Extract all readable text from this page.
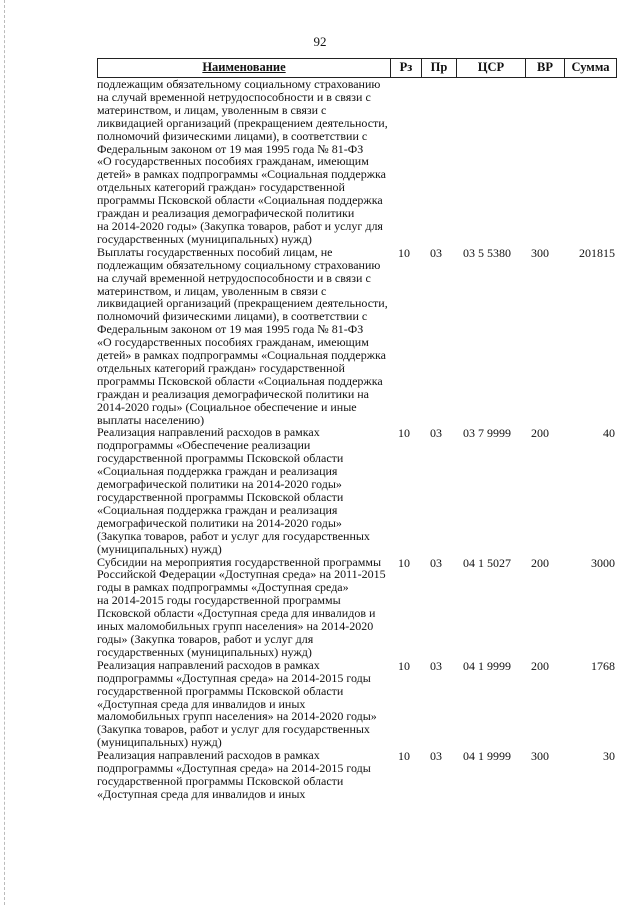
92
Наименование	Рз	Пр	ЦСР	ВР	Сумма
подлежащим обязательному социальному страхованию
на случай временной нетрудоспособности и в связи с
материнством, и лицам, уволенным в связи с
ликвидацией организаций (прекращением деятельности,
полномочий физическими лицами), в соответствии с
Федеральным законом от 19 мая 1995 года № 81-ФЗ
«О государственных пособиях гражданам, имеющим
детей» в рамках подпрограммы «Социальная поддержка
отдельных категорий граждан» государственной
программы Псковской области «Социальная поддержка
граждан и реализация демографической политики
на 2014-2020 годы» (Закупка товаров, работ и услуг для
государственных (муниципальных) нужд)
Выплаты государственных пособий лицам, не
подлежащим обязательному социальному страхованию
на случай временной нетрудоспособности и в связи с
материнством, и лицам, уволенным в связи с
ликвидацией организаций (прекращением деятельности,
полномочий физическими лицами), в соответствии с
Федеральным законом от 19 мая 1995 года № 81-ФЗ
«О государственных пособиях гражданам, имеющим
детей» в рамках подпрограммы «Социальная поддержка
отдельных категорий граждан» государственной
программы Псковской области «Социальная поддержка
граждан и реализация демографической политики на
2014-2020 годы» (Социальное обеспечение и иные
выплаты населению)
10	03	03 5 5380	300	201815
Реализация направлений расходов в рамках
подпрограммы «Обеспечение реализации
государственной программы Псковской области
«Социальная поддержка граждан и реализация
демографической политики на 2014-2020 годы»
государственной программы Псковской области
«Социальная поддержка граждан и реализация
демографической политики на 2014-2020 годы»
(Закупка товаров, работ и услуг для государственных
(муниципальных) нужд)
10	03	03 7 9999	200	40
Субсидии на мероприятия государственной программы
Российской Федерации «Доступная среда» на 2011-2015
годы в рамках подпрограммы «Доступная среда»
на 2014-2015 годы государственной программы
Псковской области «Доступная среда для инвалидов и
иных маломобильных групп населения» на 2014-2020
годы» (Закупка товаров, работ и услуг для
государственных (муниципальных) нужд)
10	03	04 1 5027	200	3000
Реализация направлений расходов в рамках
подпрограммы «Доступная среда» на 2014-2015 годы
государственной программы Псковской области
«Доступная среда для инвалидов и иных
маломобильных групп населения» на 2014-2020 годы»
(Закупка товаров, работ и услуг для государственных
(муниципальных) нужд)
10	03	04 1 9999	200	1768
Реализация направлений расходов в рамках
подпрограммы «Доступная среда» на 2014-2015 годы
государственной программы Псковской области
«Доступная среда для инвалидов и иных
10	03	04 1 9999	300	30
